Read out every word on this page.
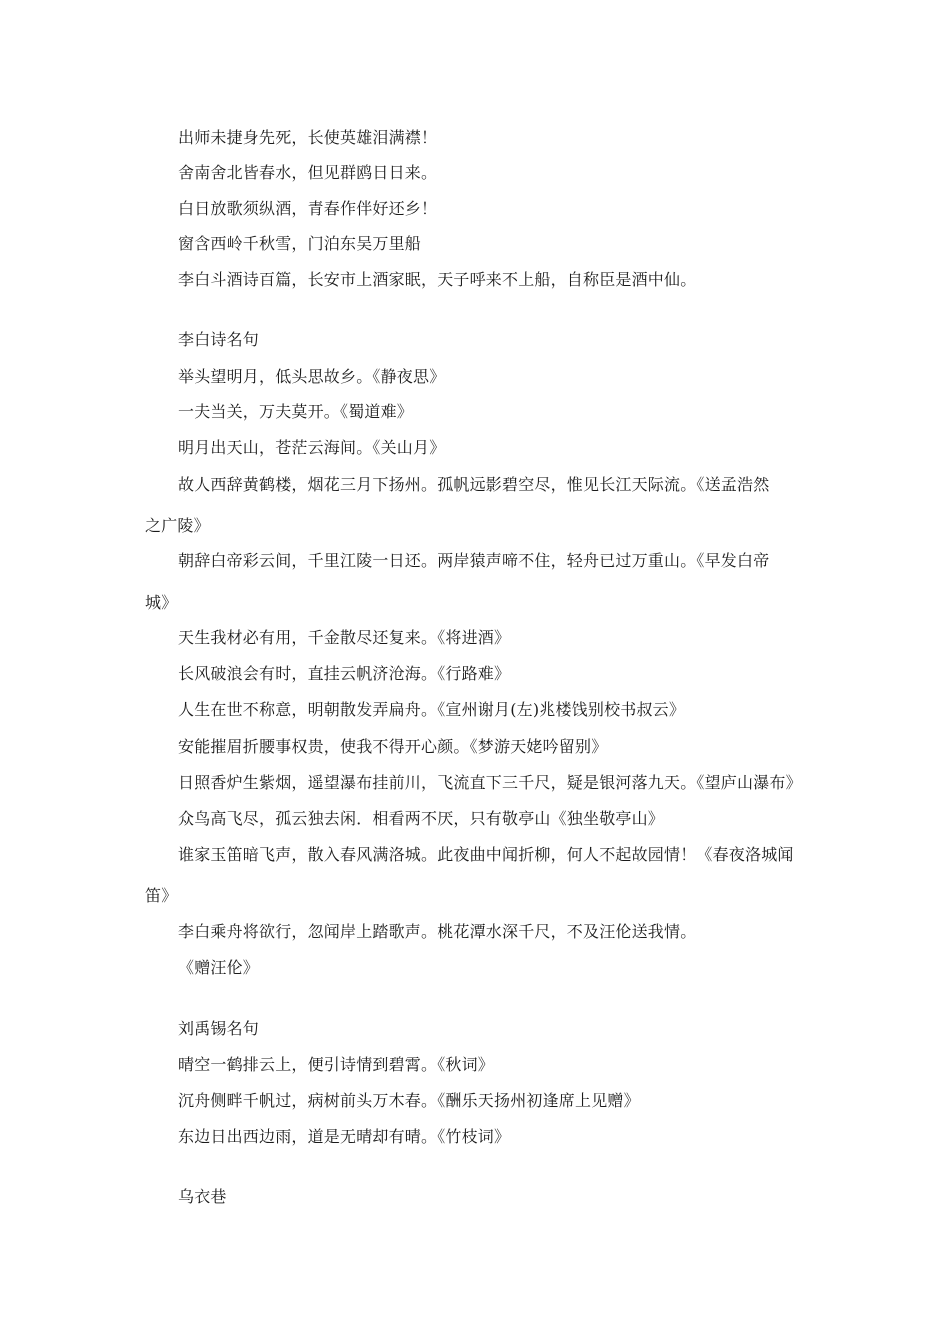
出师未捷身先死，长使英雄泪满襟！
舍南舍北皆春水，但见群鸥日日来。
白日放歌须纵酒，青春作伴好还乡！
窗含西岭千秋雪，门泊东吴万里船
李白斗酒诗百篇，长安市上酒家眠，天子呼来不上船，自称臣是酒中仙。
李白诗名句
举头望明月，低头思故乡。《静夜思》
一夫当关，万夫莫开。《蜀道难》
明月出天山，苍茫云海间。《关山月》
故人西辞黄鹤楼，烟花三月下扬州。孤帆远影碧空尽，惟见长江天际流。《送孟浩然
之广陵》
朝辞白帝彩云间，千里江陵一日还。两岸猿声啼不住，轻舟已过万重山。《早发白帝
城》
天生我材必有用，千金散尽还复来。《将进酒》
长风破浪会有时，直挂云帆济沧海。《行路难》
人生在世不称意，明朝散发弄扁舟。《宣州谢月(左)兆楼饯别校书叔云》
安能摧眉折腰事权贵，使我不得开心颜。《梦游天姥吟留别》
日照香炉生紫烟，遥望瀑布挂前川，飞流直下三千尺，疑是银河落九天。《望庐山瀑布》
众鸟高飞尽，孤云独去闲．相看两不厌，只有敬亭山《独坐敬亭山》
谁家玉笛暗飞声，散入春风满洛城。此夜曲中闻折柳，何人不起故园情！《春夜洛城闻
笛》
李白乘舟将欲行，忽闻岸上踏歌声。桃花潭水深千尺，不及汪伦送我情。
《赠汪伦》
刘禹锡名句
晴空一鹤排云上，便引诗情到碧霄。《秋词》
沉舟侧畔千帆过，病树前头万木春。《酬乐天扬州初逢席上见赠》
东边日出西边雨，道是无晴却有晴。《竹枝词》
乌衣巷
